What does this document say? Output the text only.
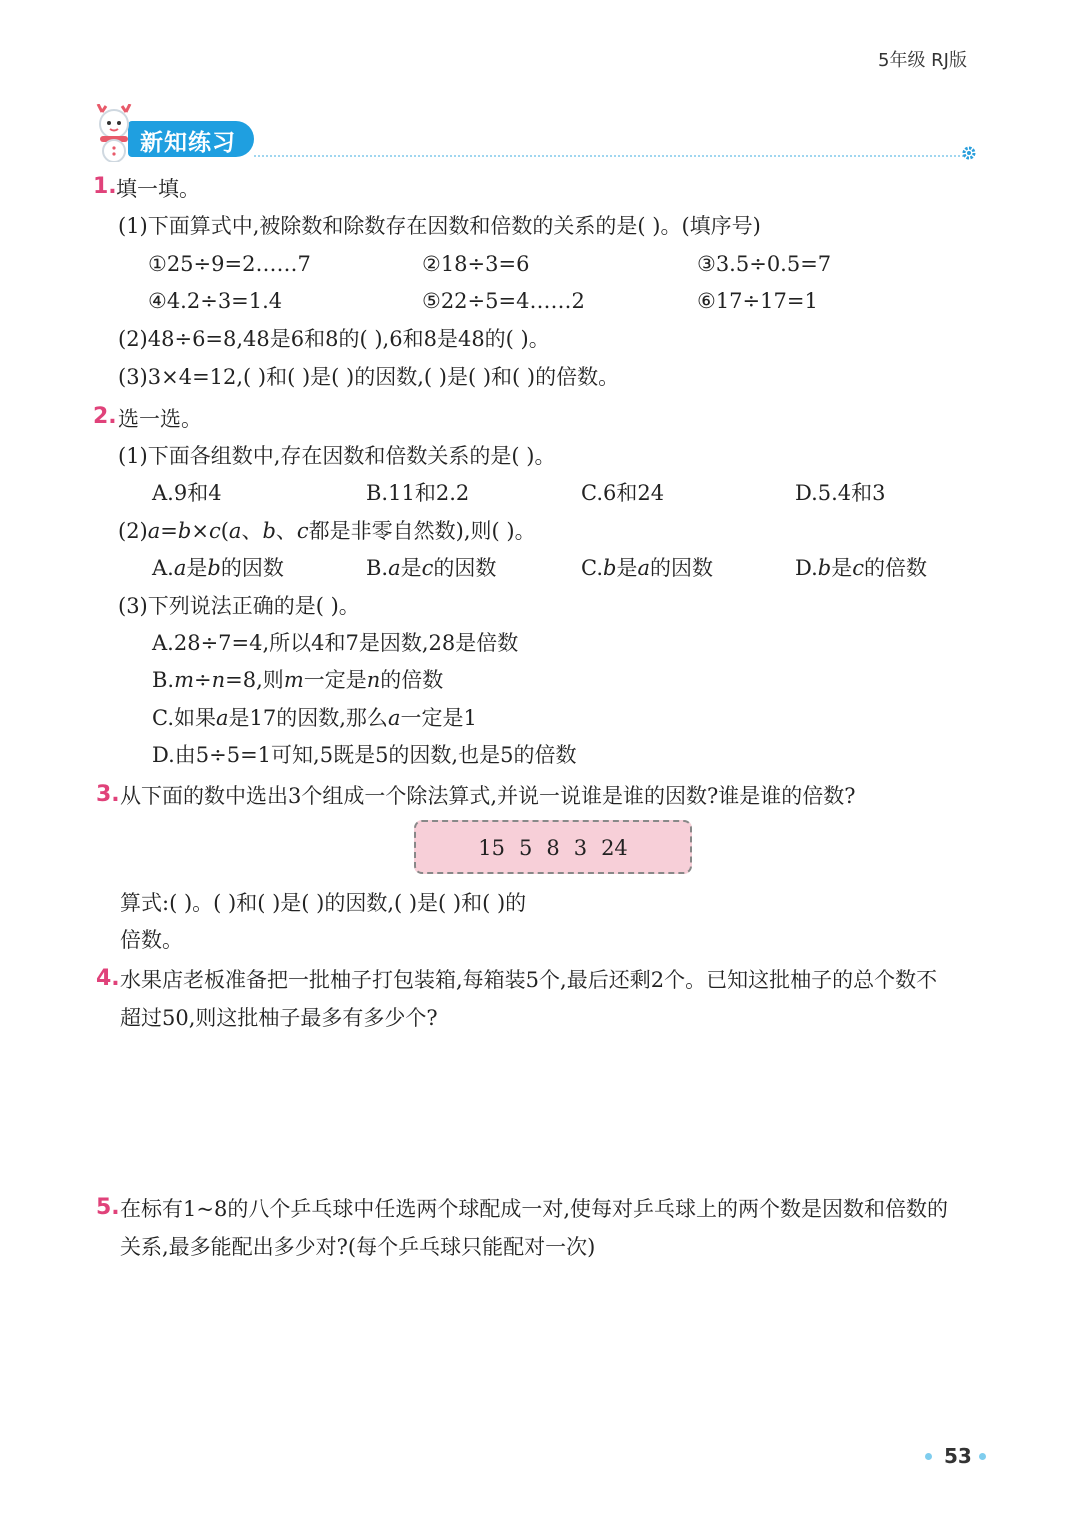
5年级 RJ版
新知练习
1. 填一填。
(1)下面算式中,被除数和除数存在因数和倍数的关系的是( )。(填序号)
①25÷9=2……7	②18÷3=6	③3.5÷0.5=7
④4.2÷3=1.4	⑤22÷5=4……2	⑥17÷17=1
(2)48÷6=8,48是6和8的( ),6和8是48的( )。
(3)3×4=12,( )和( )是( )的因数,( )是( )和( )的倍数。
2. 选一选。
(1)下面各组数中,存在因数和倍数关系的是( )。
A.9和4	B.11和2.2	C.6和24	D.5.4和3
(2)a=b×c(a、b、c都是非零自然数),则( )。
A.a是b的因数	B.a是c的因数	C.b是a的因数	D.b是c的倍数
(3)下列说法正确的是( )。
A.28÷7=4,所以4和7是因数,28是倍数
B.m÷n=8,则m一定是n的倍数
C.如果a是17的因数,那么a一定是1
D.由5÷5=1可知,5既是5的因数,也是5的倍数
3. 从下面的数中选出3个组成一个除法算式,并说一说谁是谁的因数?谁是谁的倍数?
15 5 8 3 24
算式:( )。( )和( )是( )的因数,( )是( )和( )的
倍数。
4. 水果店老板准备把一批柚子打包装箱,每箱装5个,最后还剩2个。已知这批柚子的总个数不
超过50,则这批柚子最多有多少个?
5. 在标有1~8的八个乒乓球中任选两个球配成一对,使每对乒乓球上的两个数是因数和倍数的
关系,最多能配出多少对?(每个乒乓球只能配对一次)
53
